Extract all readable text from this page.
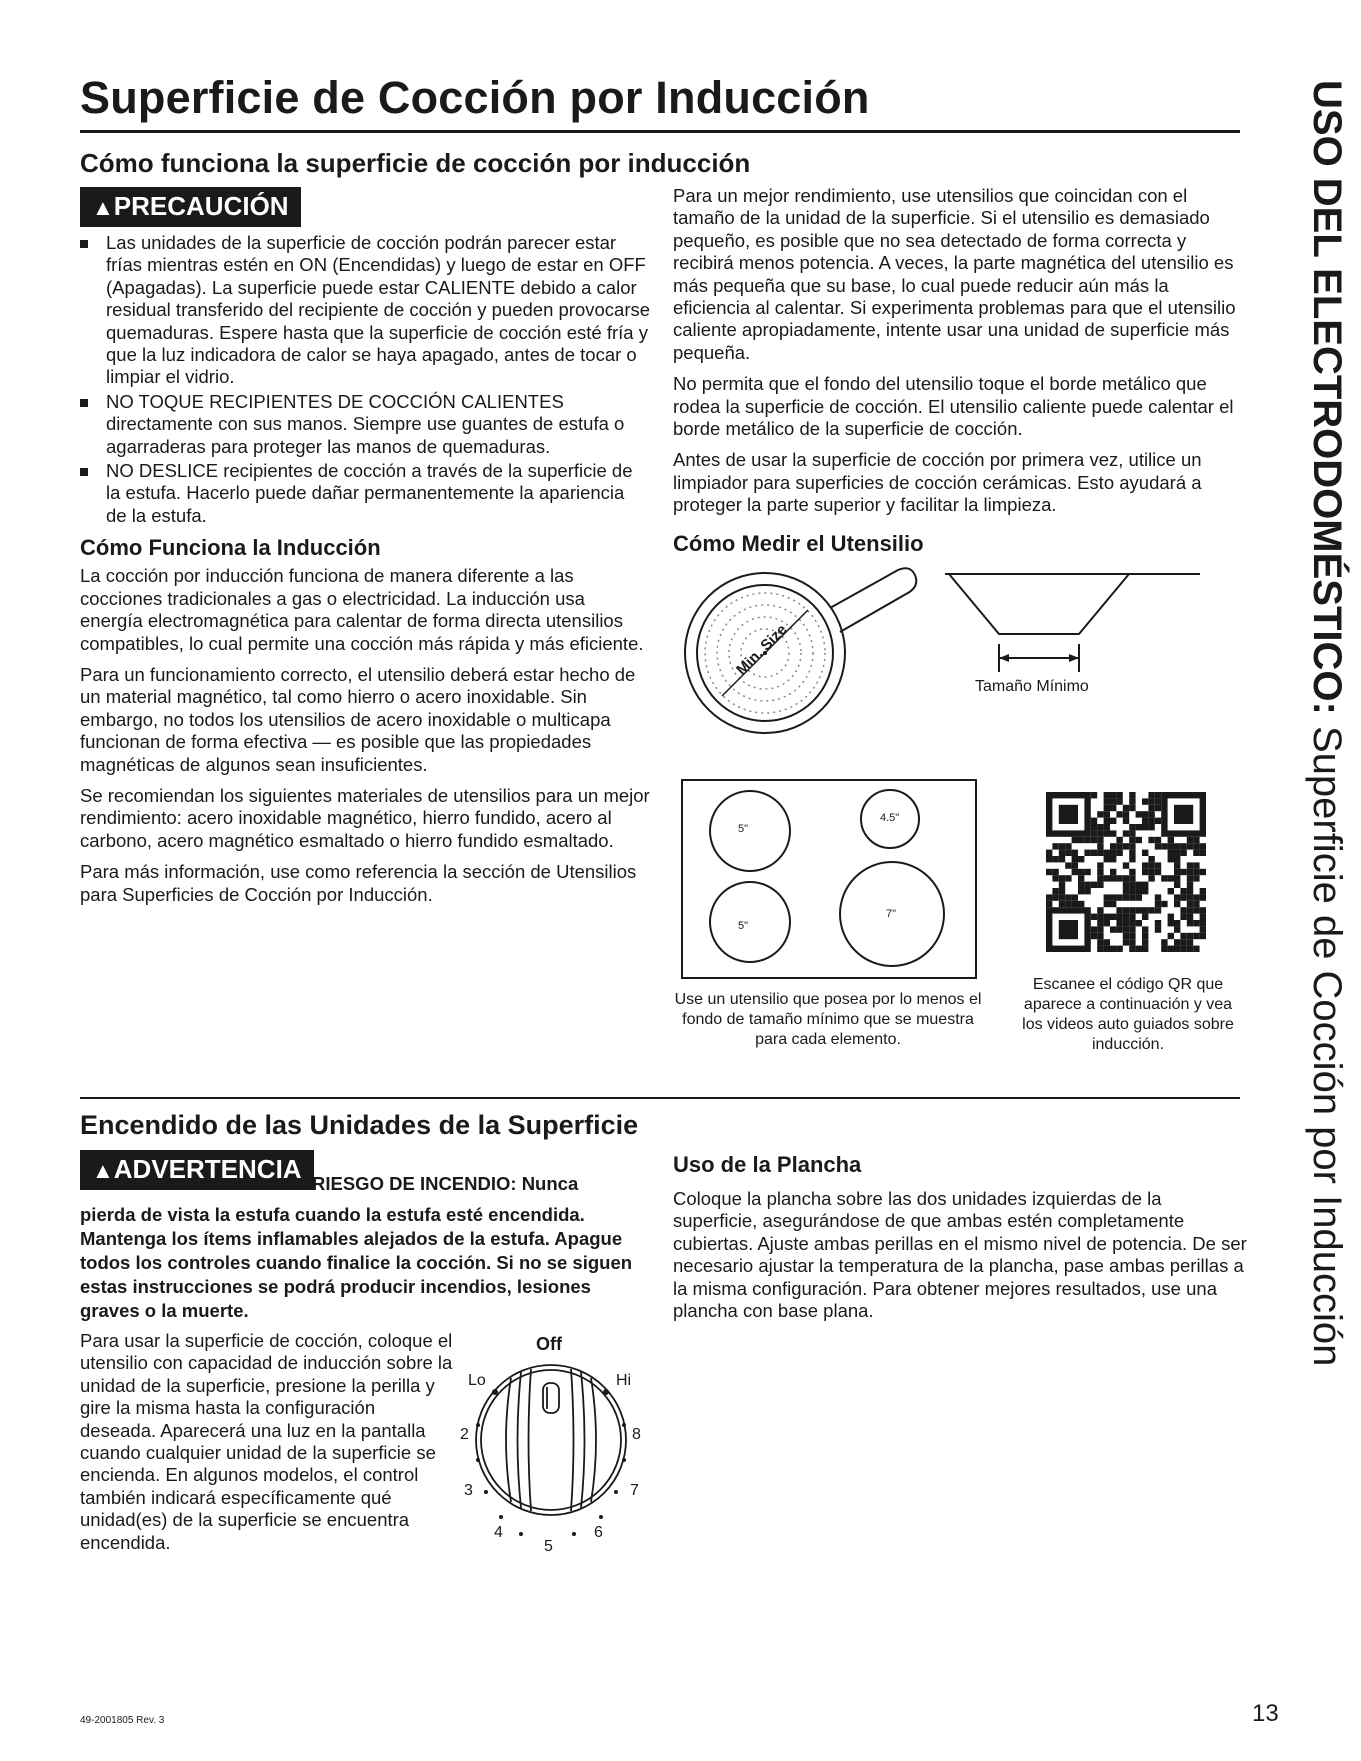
Superficie de Cocción por Inducción
Cómo funciona la superficie de cocción por inducción
▲PRECAUCIÓN
Las unidades de la superficie de cocción podrán parecer estar frías mientras estén en ON (Encendidas) y luego de estar en OFF (Apagadas). La superficie puede estar CALIENTE debido a calor residual transferido del recipiente de cocción y pueden provocarse quemaduras. Espere hasta que la superficie de cocción esté fría y que la luz indicadora de calor se haya apagado, antes de tocar o limpiar el vidrio.
NO TOQUE RECIPIENTES DE COCCIÓN CALIENTES directamente con sus manos. Siempre use guantes de estufa o agarraderas para proteger las manos de quemaduras.
NO DESLICE recipientes de cocción a través de la superficie de la estufa. Hacerlo puede dañar permanentemente la apariencia de la estufa.
Cómo Funciona la Inducción

La cocción por inducción funciona de manera diferente a las cocciones tradicionales a gas o electricidad. La inducción usa energía electromagnética para calentar de forma directa utensilios compatibles, lo cual permite una cocción más rápida y más eficiente.

Para un funcionamiento correcto, el utensilio deberá estar hecho de un material magnético, tal como hierro o acero inoxidable. Sin embargo, no todos los utensilios de acero inoxidable o multicapa funcionan de forma efectiva — es posible que las propiedades magnéticas de algunos sean insuficientes.

Se recomiendan los siguientes materiales de utensilios para un mejor rendimiento: acero inoxidable magnético, hierro fundido, acero al carbono, acero magnético esmaltado o hierro fundido esmaltado.

Para más información, use como referencia la sección de Utensilios para Superficies de Cocción por Inducción.

Para un mejor rendimiento, use utensilios que coincidan con el tamaño de la unidad de la superficie. Si el utensilio es demasiado pequeño, es posible que no sea detectado de forma correcta y recibirá menos potencia. A veces, la parte magnética del utensilio es más pequeña que su base, lo cual puede reducir aún más la eficiencia al calentar. Si experimenta problemas para que el utensilio caliente apropiadamente, intente usar una unidad de superficie más pequeña.

No permita que el fondo del utensilio toque el borde metálico que rodea la superficie de cocción. El utensilio caliente puede calentar el borde metálico de la superficie de cocción.

Antes de usar la superficie de cocción por primera vez, utilice un limpiador para superficies de cocción cerámicas. Esto ayudará a proteger la parte superior y facilitar la limpieza.

Cómo Medir el Utensilio
Min. Size
Tamaño Mínimo
5"
4.5"
5"
7"
Use un utensilio que posea por lo menos el fondo de tamaño mínimo que se muestra para cada elemento.
Escanee el código QR que aparece a continuación y vea los videos auto guiados sobre inducción.
Encendido de las Unidades de la Superficie
▲ADVERTENCIA RIESGO DE INCENDIO: Nunca
pierda de vista la estufa cuando la estufa esté encendida. Mantenga los ítems inflamables alejados de la estufa. Apague todos los controles cuando finalice la cocción. Si no se siguen estas instrucciones se podrá producir incendios, lesiones graves o la muerte.

Para usar la superficie de cocción, coloque el utensilio con capacidad de inducción sobre la unidad de la superficie, presione la perilla y gire la misma hasta la configuración deseada. Aparecerá una luz en la pantalla cuando cualquier unidad de la superficie se encienda. En algunos modelos, el control también indicará específicamente qué unidad(es) de la superficie se encuentra encendida.

Off
Lo	Hi
2
3
4
5
6
7
8
Uso de la Plancha

Coloque la plancha sobre las dos unidades izquierdas de la superficie, asegurándose de que ambas estén completamente cubiertas. Ajuste ambas perillas en el mismo nivel de potencia. De ser necesario ajustar la temperatura de la plancha, pase ambas perillas a la misma configuración. Para obtener mejores resultados, use una plancha con base plana.

USO DEL ELECTRODOMÉSTICO: Superficie de Cocción por Inducción
49-2001805 Rev. 3	13
